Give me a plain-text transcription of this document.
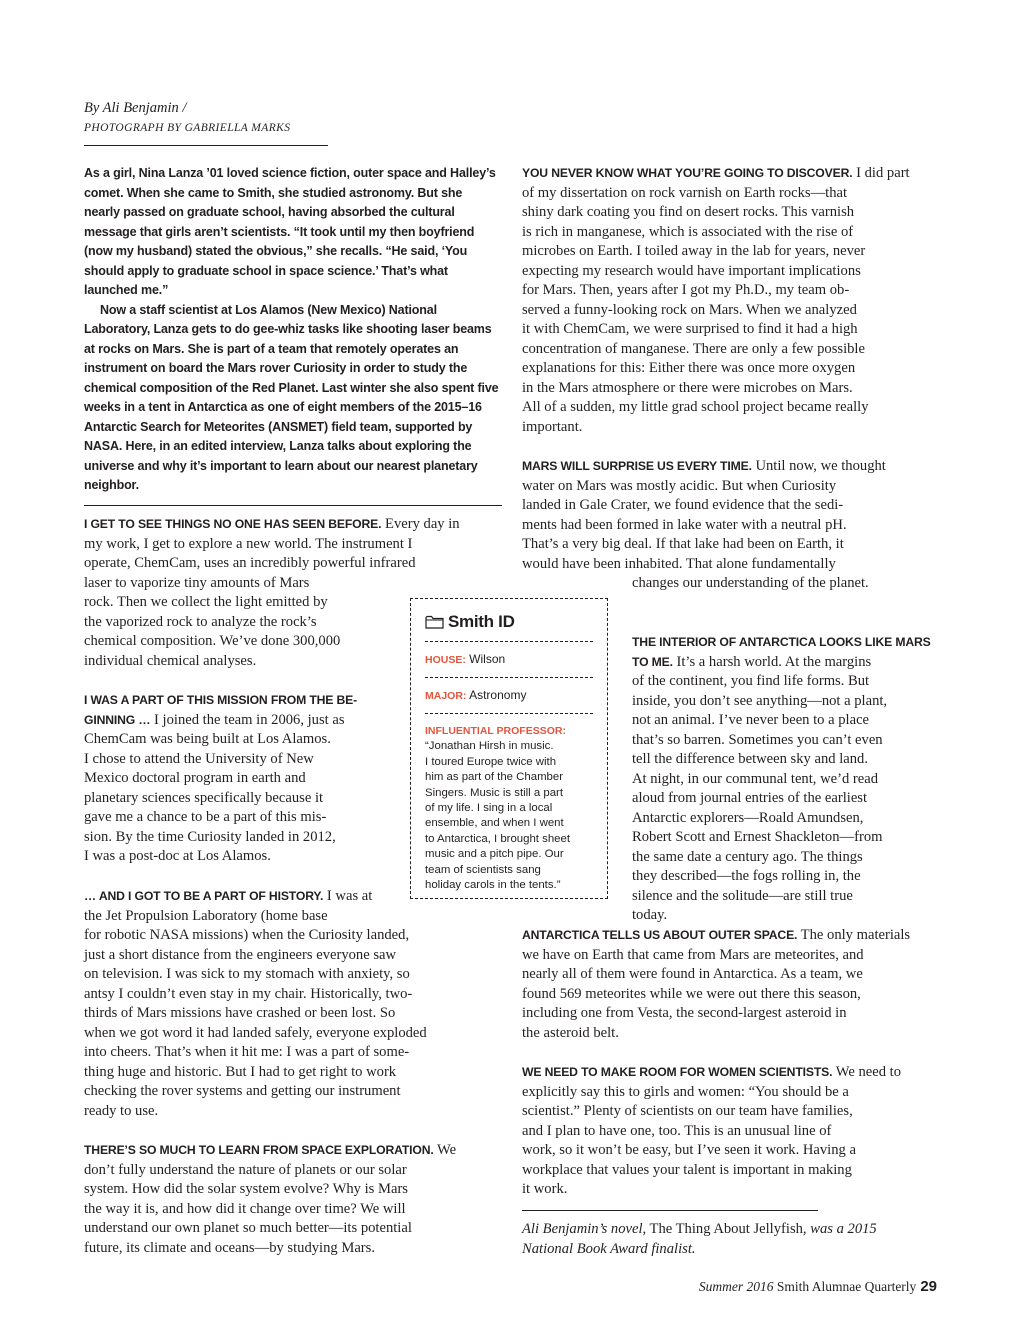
By Ali Benjamin /
PHOTOGRAPH BY GABRIELLA MARKS

As a girl, Nina Lanza ’01 loved science fiction, outer space and Halley’s comet. When she came to Smith, she studied astronomy. But she nearly passed on graduate school, having absorbed the cultural message that girls aren’t scientists. “It took until my then boyfriend (now my husband) stated the obvious,” she recalls. “He said, ‘You should apply to graduate school in space science.’ That’s what launched me.”

Now a staff scientist at Los Alamos (New Mexico) National Laboratory, Lanza gets to do gee-whiz tasks like shooting laser beams at rocks on Mars. She is part of a team that remotely operates an instrument on board the Mars rover Curiosity in order to study the chemical composition of the Red Planet. Last winter she also spent five weeks in a tent in Antarctica as one of eight members of the 2015–16 Antarctic Search for Meteorites (ANSMET) field team, supported by NASA. Here, in an edited interview, Lanza talks about exploring the universe and why it’s important to learn about our nearest planetary neighbor.

I GET TO SEE THINGS NO ONE HAS SEEN BEFORE. Every day in

my work, I get to explore a new world. The instrument I

operate, ChemCam, uses an incredibly powerful infrared

laser to vaporize tiny amounts of Mars

rock. Then we collect the light emitted by

the vaporized rock to analyze the rock’s

chemical composition. We’ve done 300,000

individual chemical analyses.

I WAS A PART OF THIS MISSION FROM THE BE-

GINNING … I joined the team in 2006, just as

ChemCam was being built at Los Alamos.

I chose to attend the University of New

Mexico doctoral program in earth and

planetary sciences specifically because it

gave me a chance to be a part of this mis-

sion. By the time Curiosity landed in 2012,

I was a post-doc at Los Alamos.

… AND I GOT TO BE A PART OF HISTORY. I was at

the Jet Propulsion Laboratory (home base

for robotic NASA missions) when the Curiosity landed,

just a short distance from the engineers everyone saw

on television. I was sick to my stomach with anxiety, so

antsy I couldn’t even stay in my chair. Historically, two-

thirds of Mars missions have crashed or been lost. So

when we got word it had landed safely, everyone exploded

into cheers. That’s when it hit me: I was a part of some-

thing huge and historic. But I had to get right to work

checking the rover systems and getting our instrument

ready to use.

THERE’S SO MUCH TO LEARN FROM SPACE EXPLORATION. We

don’t fully understand the nature of planets or our solar

system. How did the solar system evolve? Why is Mars

the way it is, and how did it change over time? We will

understand our own planet so much better—its potential

future, its climate and oceans—by studying Mars.

YOU NEVER KNOW WHAT YOU’RE GOING TO DISCOVER. I did part

of my dissertation on rock varnish on Earth rocks—that

shiny dark coating you find on desert rocks. This varnish

is rich in manganese, which is associated with the rise of

microbes on Earth. I toiled away in the lab for years, never

expecting my research would have important implications

for Mars. Then, years after I got my Ph.D., my team ob-

served a funny-looking rock on Mars. When we analyzed

it with ChemCam, we were surprised to find it had a high

concentration of manganese. There are only a few possible

explanations for this: Either there was once more oxygen

in the Mars atmosphere or there were microbes on Mars.

All of a sudden, my little grad school project became really

important.

MARS WILL SURPRISE US EVERY TIME. Until now, we thought

water on Mars was mostly acidic. But when Curiosity

landed in Gale Crater, we found evidence that the sedi-

ments had been formed in lake water with a neutral pH.

That’s a very big deal. If that lake had been on Earth, it

would have been inhabited. That alone fundamentally

changes our understanding of the planet.

THE INTERIOR OF ANTARCTICA LOOKS LIKE MARS

TO ME. It’s a harsh world. At the margins

of the continent, you find life forms. But

inside, you don’t see anything—not a plant,

not an animal. I’ve never been to a place

that’s so barren. Sometimes you can’t even

tell the difference between sky and land.

At night, in our communal tent, we’d read

aloud from journal entries of the earliest

Antarctic explorers—Roald Amundsen,

Robert Scott and Ernest Shackleton—from

the same date a century ago. The things

they described—the fogs rolling in, the

silence and the solitude—are still true

today.

ANTARCTICA TELLS US ABOUT OUTER SPACE. The only materials

we have on Earth that came from Mars are meteorites, and

nearly all of them were found in Antarctica. As a team, we

found 569 meteorites while we were out there this season,

including one from Vesta, the second-largest asteroid in

the asteroid belt.

WE NEED TO MAKE ROOM FOR WOMEN SCIENTISTS. We need to

explicitly say this to girls and women: “You should be a

scientist.” Plenty of scientists on our team have families,

and I plan to have one, too. This is an unusual line of

work, so it won’t be easy, but I’ve seen it work. Having a

workplace that values your talent is important in making

it work.

Smith ID
HOUSE: Wilson
MAJOR: Astronomy
INFLUENTIAL PROFESSOR:
“Jonathan Hirsh in music.
I toured Europe twice with
him as part of the Chamber
Singers. Music is still a part
of my life. I sing in a local
ensemble, and when I went
to Antarctica, I brought sheet
music and a pitch pipe. Our
team of scientists sang
holiday carols in the tents.”

Ali Benjamin’s novel, The Thing About Jellyfish, was a 2015

National Book Award finalist.

Summer 2016 Smith Alumnae Quarterly 29
